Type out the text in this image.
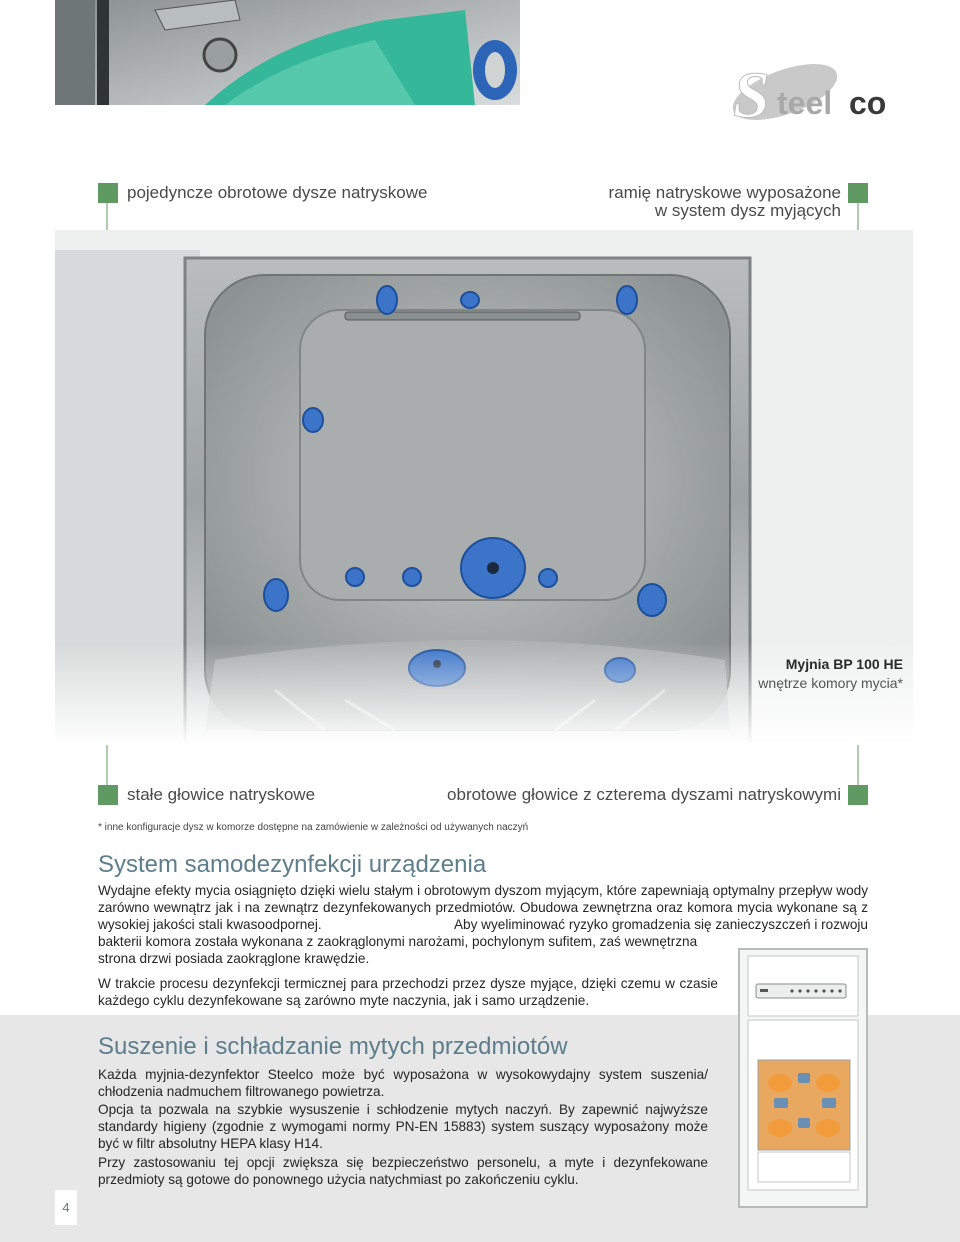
S teel co
pojedyncze obrotowe dysze natryskowe	ramię natryskowe wyposażone
w system dysz myjących
Myjnia BP 100 HE
wnętrze komory mycia*
stałe głowice natryskowe	obrotowe głowice z czterema dyszami natryskowymi
* inne konfiguracje dysz w komorze dostępne na zamówienie w zależności od używanych naczyń
System samodezynfekcji urządzenia
Wydajne efekty mycia osiągnięto dzięki wielu stałym i obrotowym dyszom myjącym, które zapewniają optymalny przepływ wody zarówno wewnątrz jak i na zewnątrz dezynfekowanych przedmiotów. Obudowa zewnętrzna oraz komora mycia wykonane są z wysokiej jakości stali kwasoodpornej.	Aby wyeliminować ryzyko gromadzenia się zanieczyszczeń i rozwoju
bakterii komora została wykonana z zaokrąglonymi narożami, pochylonym sufitem, zaś wewnętrzna
strona drzwi posiada zaokrąglone krawędzie.
W trakcie procesu dezynfekcji termicznej para przechodzi przez dysze myjące, dzięki czemu w czasie każdego cyklu dezynfekowane są zarówno myte naczynia, jak i samo urządzenie.
Suszenie i schładzanie mytych przedmiotów
Każda myjnia-dezynfektor Steelco może być wyposażona w wysokowydajny system suszenia/ chłodzenia nadmuchem filtrowanego powietrza.
Opcja ta pozwala na szybkie wysuszenie i schłodzenie mytych naczyń. By zapewnić najwyższe standardy higieny (zgodnie z wymogami normy PN-EN 15883) system suszący wyposażony może być w filtr absolutny HEPA klasy H14.
Przy zastosowaniu tej opcji zwiększa się bezpieczeństwo personelu, a myte i dezynfekowane przedmioty są gotowe do ponownego użycia natychmiast po zakończeniu cyklu.
4
